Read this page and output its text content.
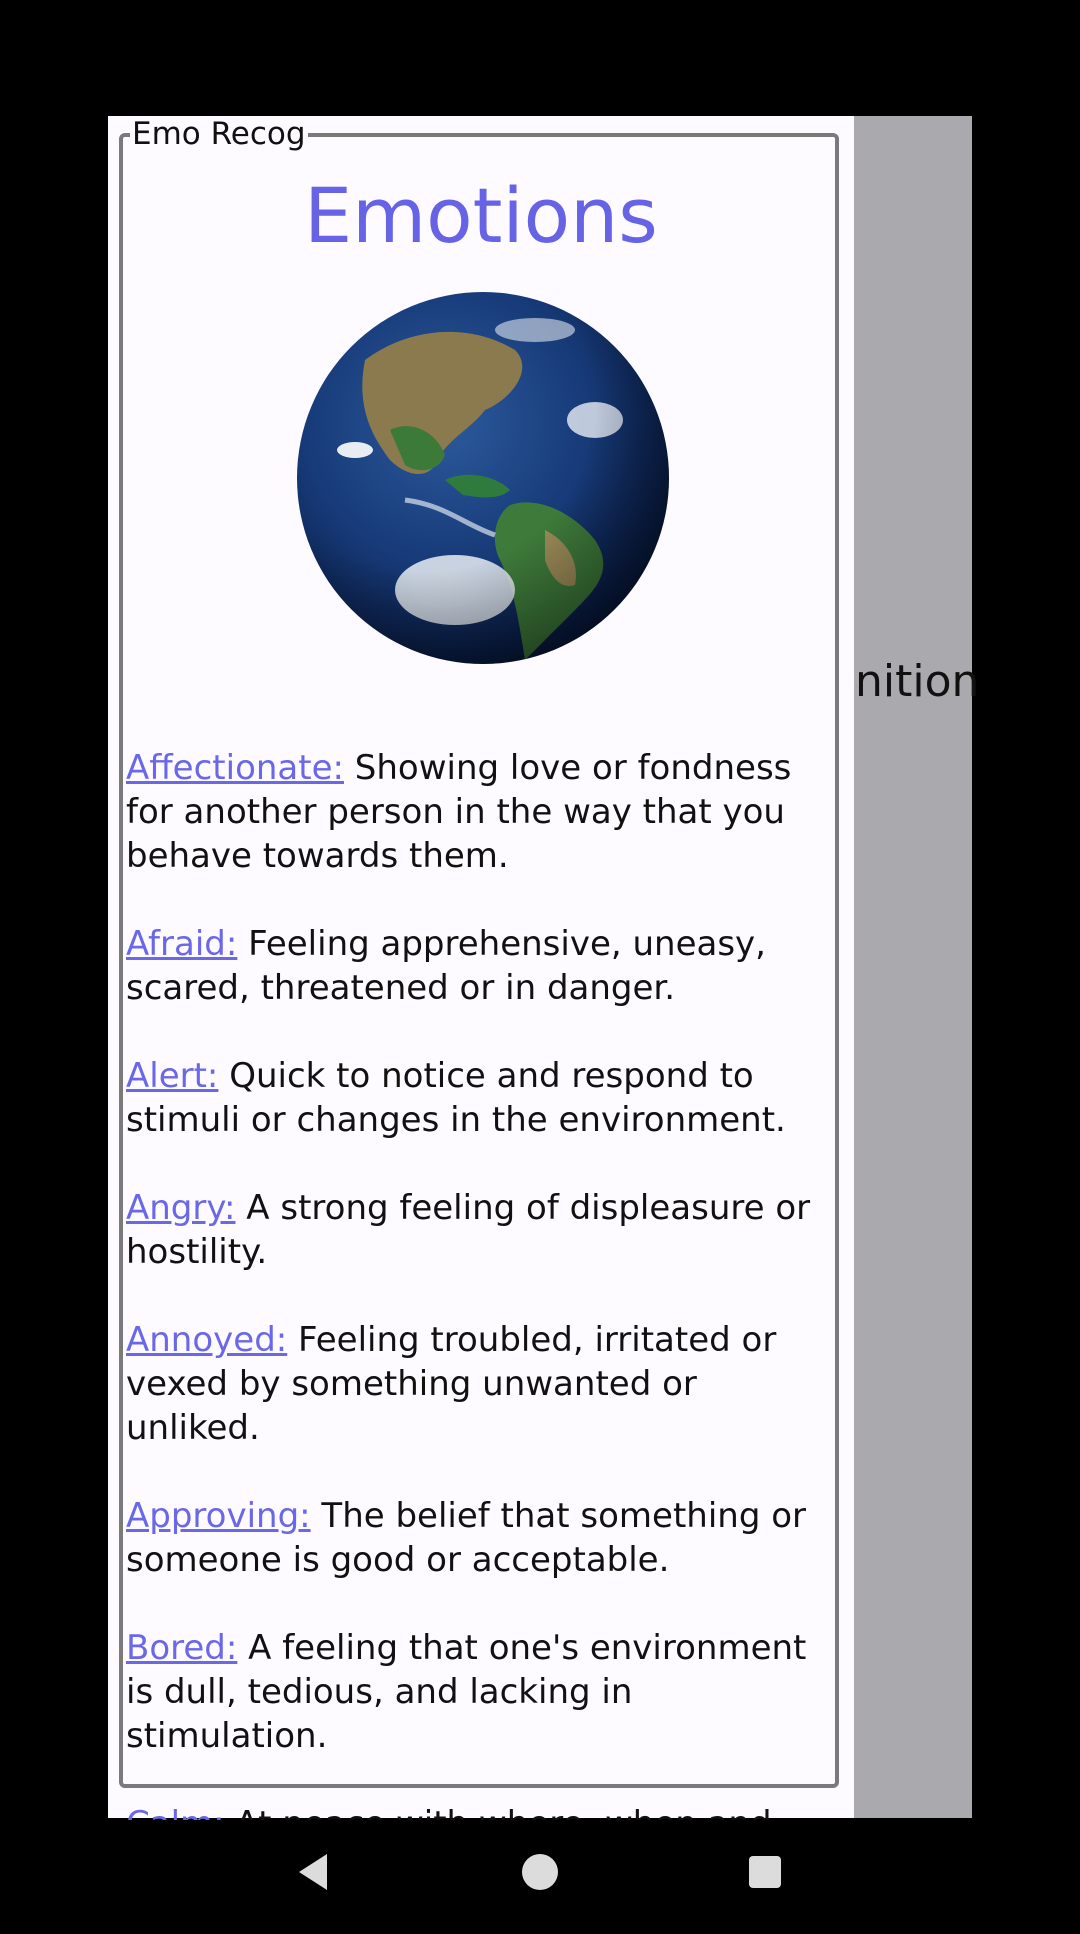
nition
Emo Recog
Emotions

Affectionate: Showing love or fondness for another person in the way that you behave towards them.

Afraid: Feeling apprehensive, uneasy, scared, threatened or in danger.

Alert: Quick to notice and respond to stimuli or changes in the environment.

Angry: A strong feeling of displeasure or hostility.

Annoyed: Feeling troubled, irritated or vexed by something unwanted or unliked.

Approving: The belief that something or someone is good or acceptable.

Bored: A feeling that one's environment is dull, tedious, and lacking in stimulation.
